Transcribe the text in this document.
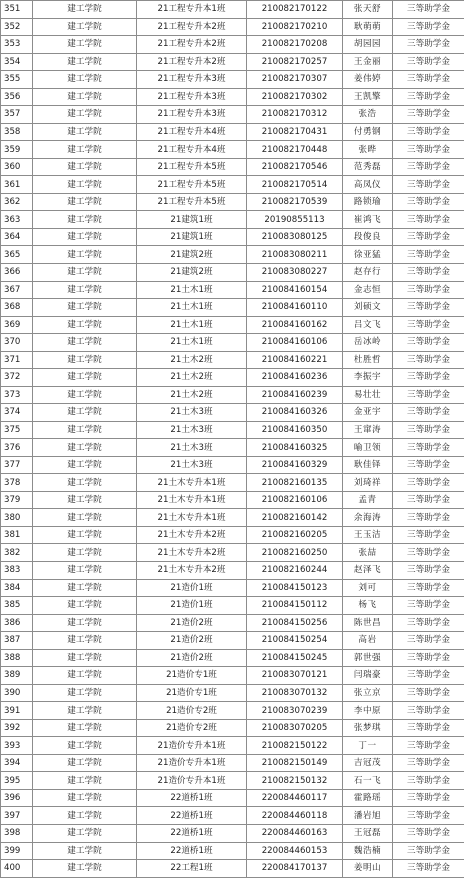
351	建工学院	21工程专升本1班	210082170122	张天舒	三等助学金
352	建工学院	21工程专升本2班	210082170210	耿萌萌	三等助学金
353	建工学院	21工程专升本2班	210082170208	胡园园	三等助学金
354	建工学院	21工程专升本2班	210082170257	王金丽	三等助学金
355	建工学院	21工程专升本3班	210082170307	姜伟婷	三等助学金
356	建工学院	21工程专升本3班	210082170302	王凯擎	三等助学金
357	建工学院	21工程专升本3班	210082170312	张浩	三等助学金
358	建工学院	21工程专升本4班	210082170431	付勇钢	三等助学金
359	建工学院	21工程专升本4班	210082170448	张晔	三等助学金
360	建工学院	21工程专升本5班	210082170546	范秀磊	三等助学金
361	建工学院	21工程专升本5班	210082170514	高凤仪	三等助学金
362	建工学院	21工程专升本5班	210082170539	路锁瑜	三等助学金
363	建工学院	21建筑1班	20190855113	崔鸿飞	三等助学金
364	建工学院	21建筑1班	210083080125	段俊良	三等助学金
365	建工学院	21建筑2班	210083080211	徐亚猛	三等助学金
366	建工学院	21建筑2班	210083080227	赵存行	三等助学金
367	建工学院	21土木1班	210084160154	金志恒	三等助学金
368	建工学院	21土木1班	210084160110	刘硕文	三等助学金
369	建工学院	21土木1班	210084160162	吕文飞	三等助学金
370	建工学院	21土木1班	210084160106	岳冰岭	三等助学金
371	建工学院	21土木2班	210084160221	杜胜哲	三等助学金
372	建工学院	21土木2班	210084160236	李振宇	三等助学金
373	建工学院	21土木2班	210084160239	易壮壮	三等助学金
374	建工学院	21土木3班	210084160326	金亚宇	三等助学金
375	建工学院	21土木3班	210084160350	王窜涛	三等助学金
376	建工学院	21土木3班	210084160325	喻卫领	三等助学金
377	建工学院	21土木3班	210084160329	耿佳铎	三等助学金
378	建工学院	21土木专升本1班	210082160135	刘琦祥	三等助学金
379	建工学院	21土木专升本1班	210082160106	孟青	三等助学金
380	建工学院	21土木专升本1班	210082160142	余海涛	三等助学金
381	建工学院	21土木专升本2班	210082160205	王玉洁	三等助学金
382	建工学院	21土木专升本2班	210082160250	张喆	三等助学金
383	建工学院	21土木专升本2班	210082160244	赵泽飞	三等助学金
384	建工学院	21造价1班	210084150123	刘可	三等助学金
385	建工学院	21造价1班	210084150112	杨飞	三等助学金
386	建工学院	21造价2班	210084150256	陈世昌	三等助学金
387	建工学院	21造价2班	210084150254	高岩	三等助学金
388	建工学院	21造价2班	210084150245	郭世强	三等助学金
389	建工学院	21造价专1班	210083070121	闫瑞豪	三等助学金
390	建工学院	21造价专1班	210083070132	张立京	三等助学金
391	建工学院	21造价专2班	210083070239	李中原	三等助学金
392	建工学院	21造价专2班	210083070205	张梦琪	三等助学金
393	建工学院	21造价专升本1班	210082150122	丁一	三等助学金
394	建工学院	21造价专升本1班	210082150149	吉冠茂	三等助学金
395	建工学院	21造价专升本1班	210082150132	石一飞	三等助学金
396	建工学院	22道桥1班	220084460117	霍路瑶	三等助学金
397	建工学院	22道桥1班	220084460118	潘岩旭	三等助学金
398	建工学院	22道桥1班	220084460163	王冠磊	三等助学金
399	建工学院	22道桥1班	220084460153	魏浩楠	三等助学金
400	建工学院	22工程1班	220084170137	姜明山	三等助学金
